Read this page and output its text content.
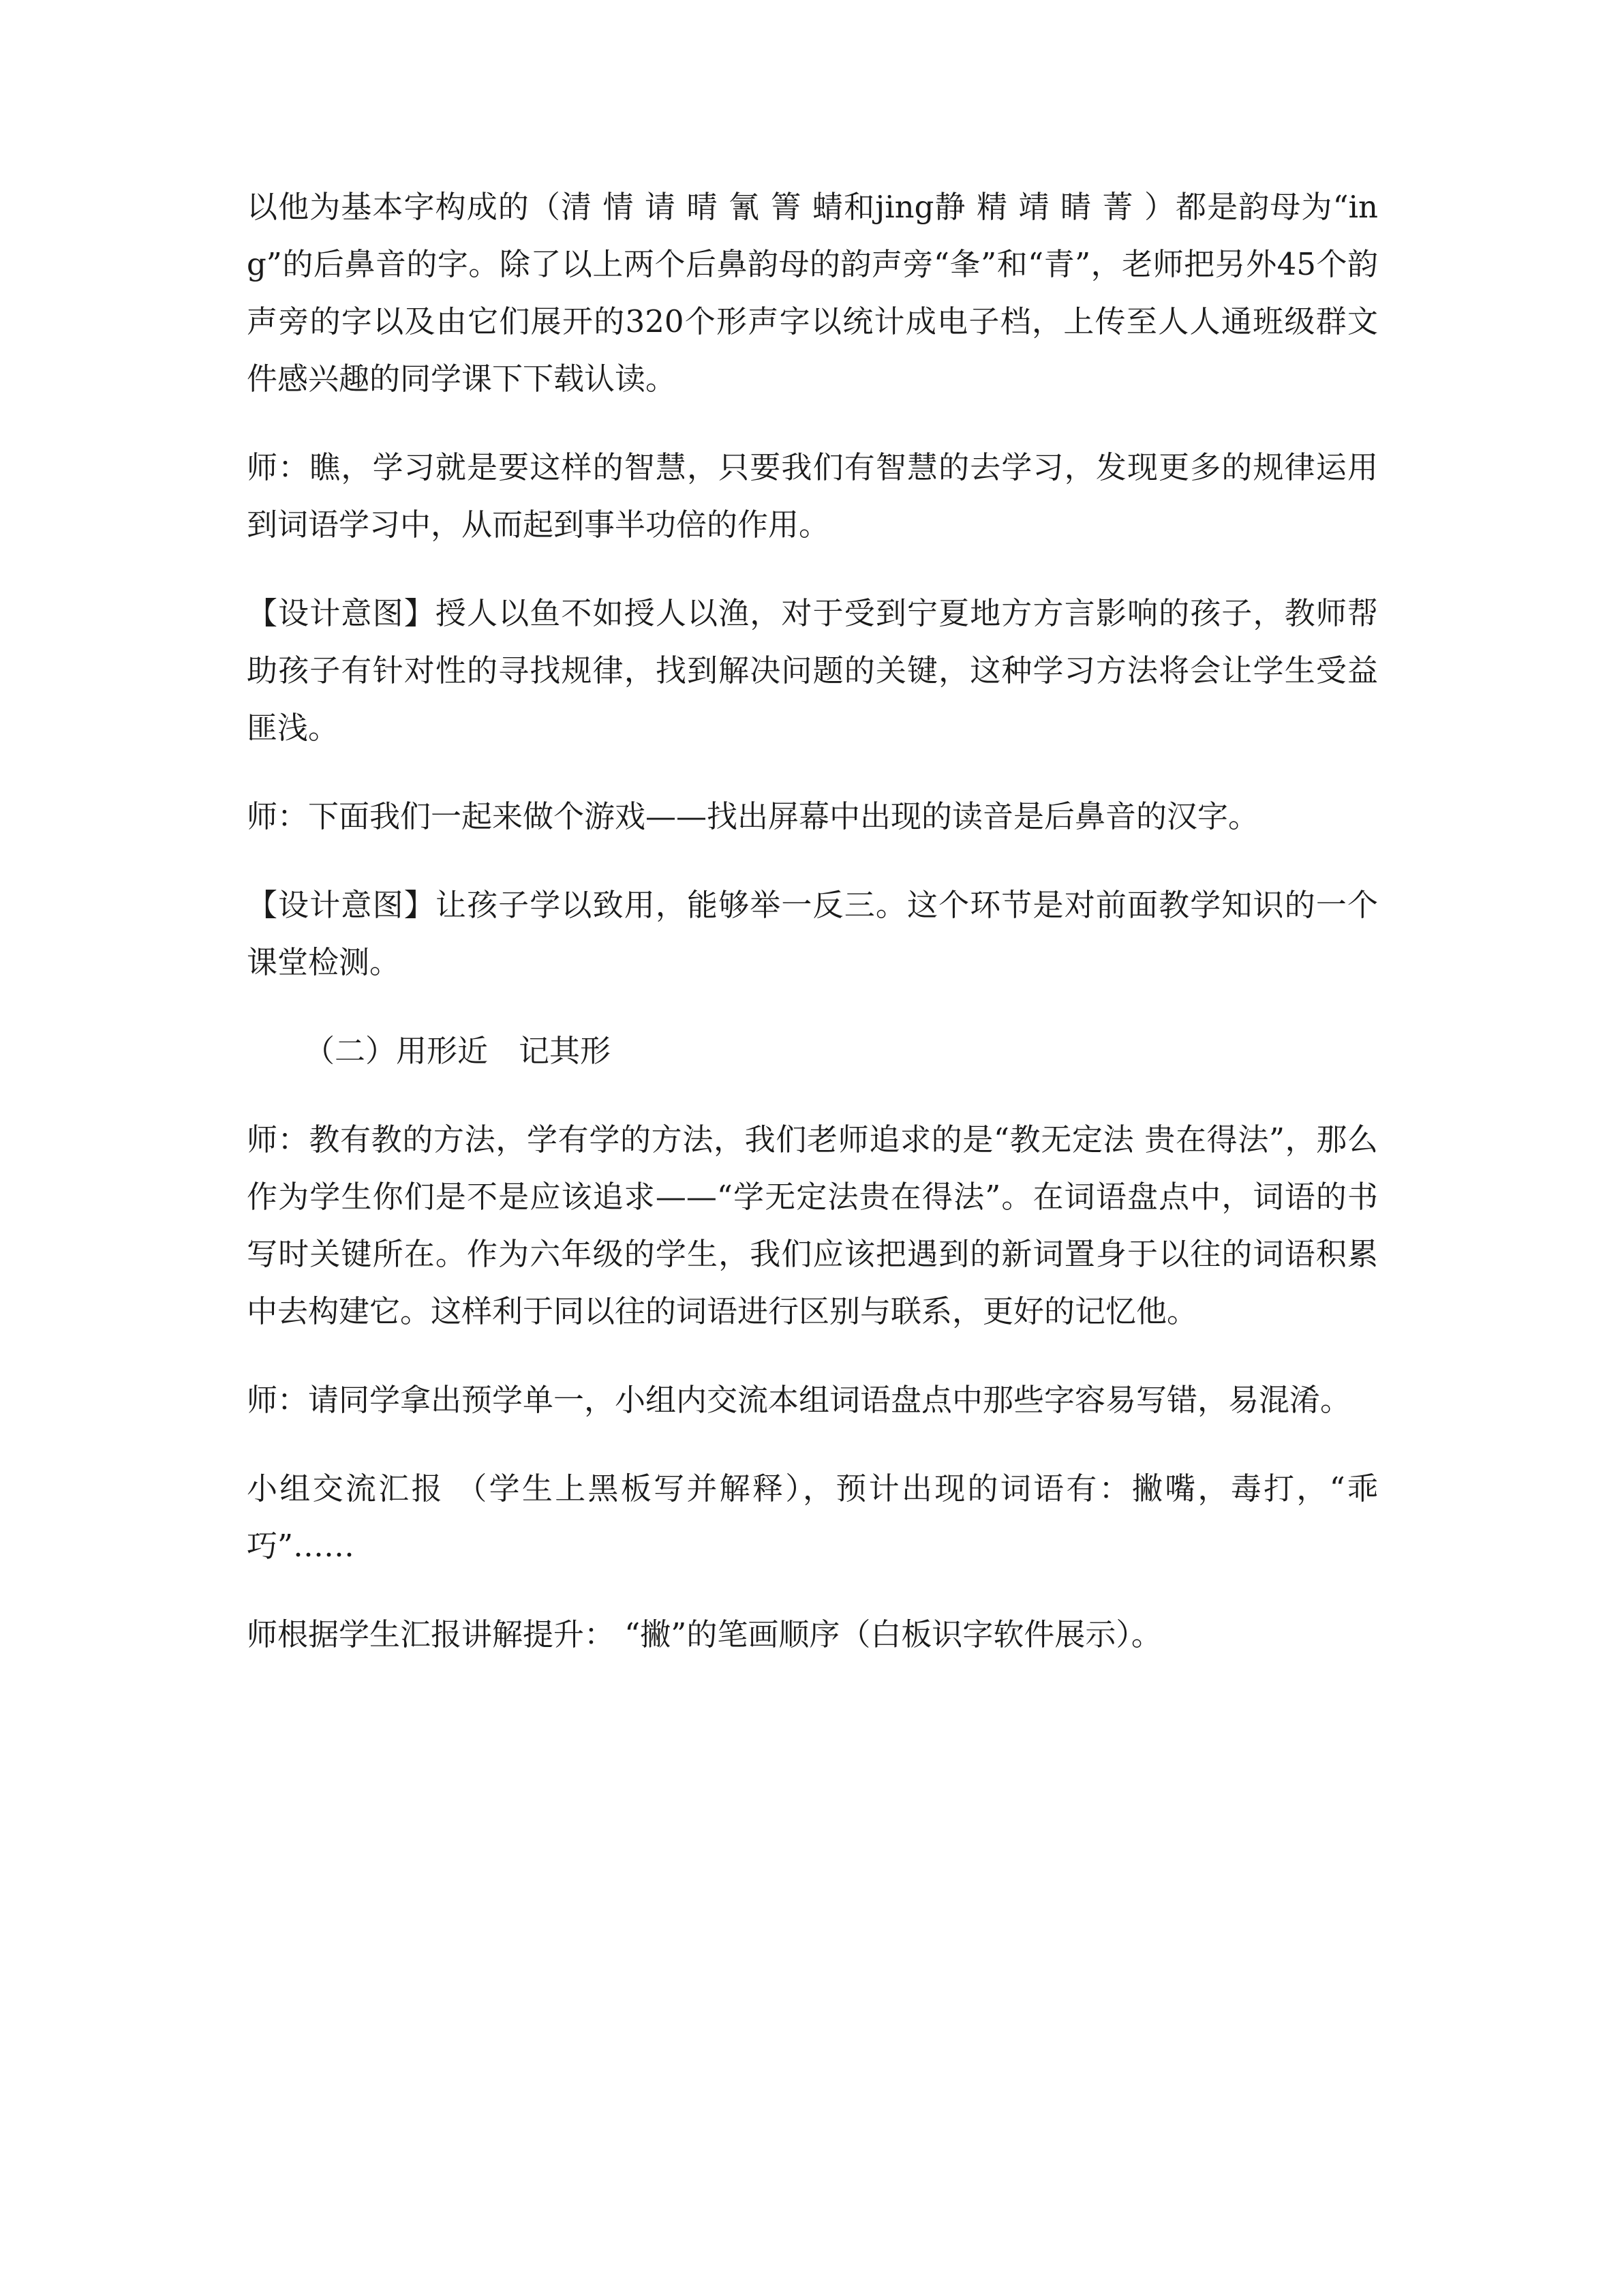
以他为基本字构成的（清 情 请 晴 氰 箐 蜻和jing静 精 靖 睛 菁 ）都是韵母为“ing”的后鼻音的字。除了以上两个后鼻韵母的韵声旁“夆”和“青”，老师把另外45个韵声旁的字以及由它们展开的320个形声字以统计成电子档，上传至人人通班级群文件感兴趣的同学课下下载认读。

师：瞧，学习就是要这样的智慧，只要我们有智慧的去学习，发现更多的规律运用到词语学习中，从而起到事半功倍的作用。

【设计意图】授人以鱼不如授人以渔，对于受到宁夏地方方言影响的孩子，教师帮助孩子有针对性的寻找规律，找到解决问题的关键，这种学习方法将会让学生受益匪浅。

师：下面我们一起来做个游戏——找出屏幕中出现的读音是后鼻音的汉字。

【设计意图】让孩子学以致用，能够举一反三。这个环节是对前面教学知识的一个课堂检测。

（二）用形近　记其形

师：教有教的方法，学有学的方法，我们老师追求的是“教无定法 贵在得法”，那么作为学生你们是不是应该追求——“学无定法贵在得法”。在词语盘点中，词语的书写时关键所在。作为六年级的学生，我们应该把遇到的新词置身于以往的词语积累中去构建它。这样利于同以往的词语进行区别与联系，更好的记忆他。

师：请同学拿出预学单一，小组内交流本组词语盘点中那些字容易写错，易混淆。

小组交流汇报 （学生上黑板写并解释），预计出现的词语有：撇嘴，毒打，“乖巧”……

师根据学生汇报讲解提升： “撇”的笔画顺序（白板识字软件展示）。
